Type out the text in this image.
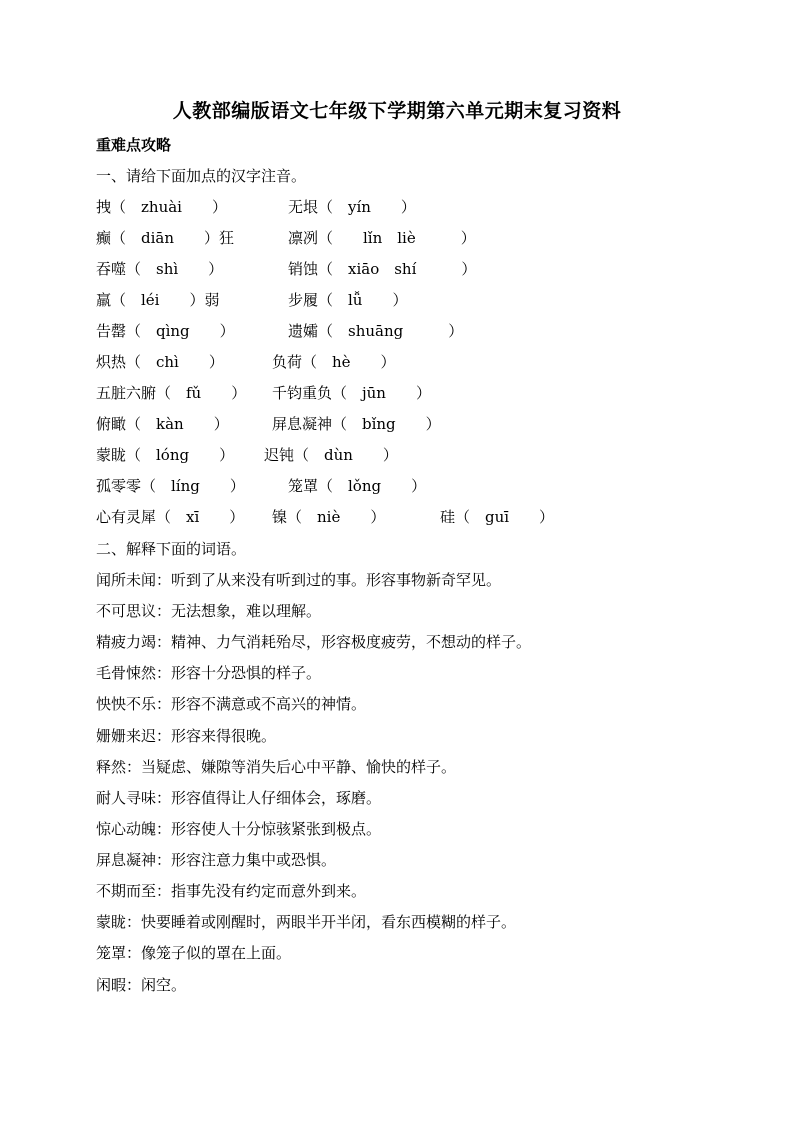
人教部编版语文七年级下学期第六单元期末复习资料
重难点攻略
一、请给下面加点的汉字注音。
拽（　zhuài　　）	无垠（　yín　　）
癫（　diān　　）狂	凛冽（　　lǐn　liè　　　）
吞噬（　shì　　）	销蚀（　xiāo　shí　　　）
羸（　léi　　）弱	步履（　lǚ　　）
告罄（　qìng　　）	遗孀（　shuāng　　　）
炽热（　chì　　）	负荷（　hè　　）
五脏六腑（　fǔ　　） 千钧重负（　jūn　　）
俯瞰（　kàn　　）	屏息凝神（　bǐng　　）
蒙眬（　lóng　　） 迟钝（　dùn　　）
孤零零（　líng　　）	笼罩（　lǒng　　）
心有灵犀（　xī　　） 镍（　niè　　）	硅（　guī　　）
二、解释下面的词语。
闻所未闻：听到了从来没有听到过的事。形容事物新奇罕见。
不可思议：无法想象，难以理解。
精疲力竭：精神、力气消耗殆尽，形容极度疲劳，不想动的样子。
毛骨悚然：形容十分恐惧的样子。
怏怏不乐：形容不满意或不高兴的神情。
姗姗来迟：形容来得很晚。
释然：当疑虑、嫌隙等消失后心中平静、愉快的样子。
耐人寻味：形容值得让人仔细体会，琢磨。
惊心动魄：形容使人十分惊骇紧张到极点。
屏息凝神：形容注意力集中或恐惧。
不期而至：指事先没有约定而意外到来。
蒙眬：快要睡着或刚醒时，两眼半开半闭，看东西模糊的样子。
笼罩：像笼子似的罩在上面。
闲暇：闲空。
